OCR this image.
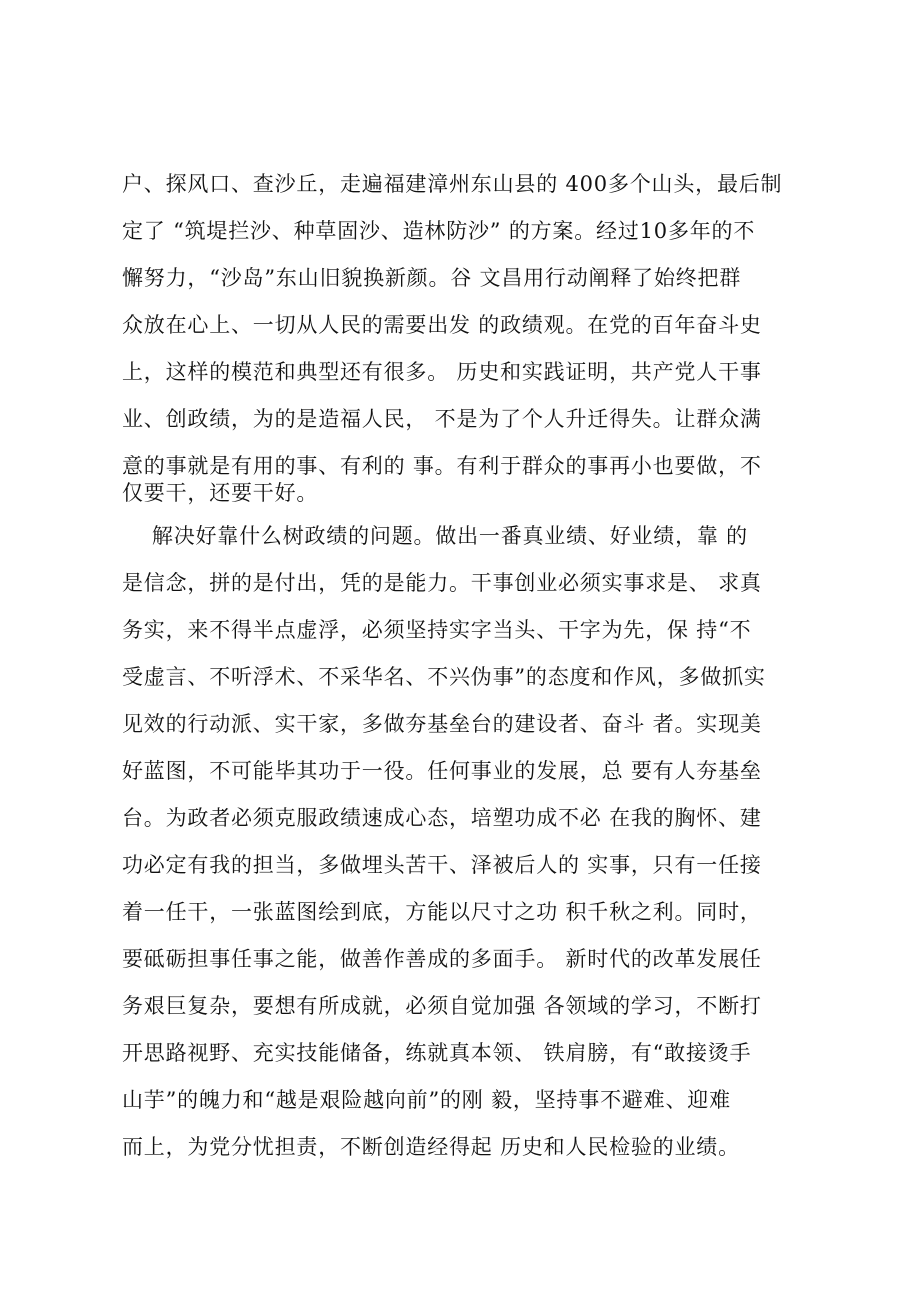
户、探风口、查沙丘，走遍福建漳州东山县的 400多个山头，最后制
定了 “筑堤拦沙、种草固沙、造林防沙” 的方案。经过10多年的不
懈努力，“沙岛”东山旧貌换新颜。谷 文昌用行动阐释了始终把群
众放在心上、一切从人民的需要出发 的政绩观。在党的百年奋斗史
上，这样的模范和典型还有很多。 历史和实践证明，共产党人干事
业、创政绩，为的是造福人民， 不是为了个人升迁得失。让群众满
意的事就是有用的事、有利的 事。有利于群众的事再小也要做，不
仅要干，还要干好。
解决好靠什么树政绩的问题。做出一番真业绩、好业绩，靠 的
是信念，拼的是付出，凭的是能力。干事创业必须实事求是、 求真
务实，来不得半点虚浮，必须坚持实字当头、干字为先，保 持“不
受虚言、不听浮术、不采华名、不兴伪事”的态度和作风，多做抓实
见效的行动派、实干家，多做夯基垒台的建设者、奋斗 者。实现美
好蓝图，不可能毕其功于一役。任何事业的发展，总 要有人夯基垒
台。为政者必须克服政绩速成心态，培塑功成不必 在我的胸怀、建
功必定有我的担当，多做埋头苦干、泽被后人的 实事，只有一任接
着一任干，一张蓝图绘到底，方能以尺寸之功 积千秋之利。同时，
要砥砺担事任事之能，做善作善成的多面手。 新时代的改革发展任
务艰巨复杂，要想有所成就，必须自觉加强 各领域的学习，不断打
开思路视野、充实技能储备，练就真本领、 铁肩膀，有“敢接烫手
山芋”的魄力和“越是艰险越向前”的刚 毅，坚持事不避难、迎难
而上，为党分忧担责，不断创造经得起 历史和人民检验的业绩。
